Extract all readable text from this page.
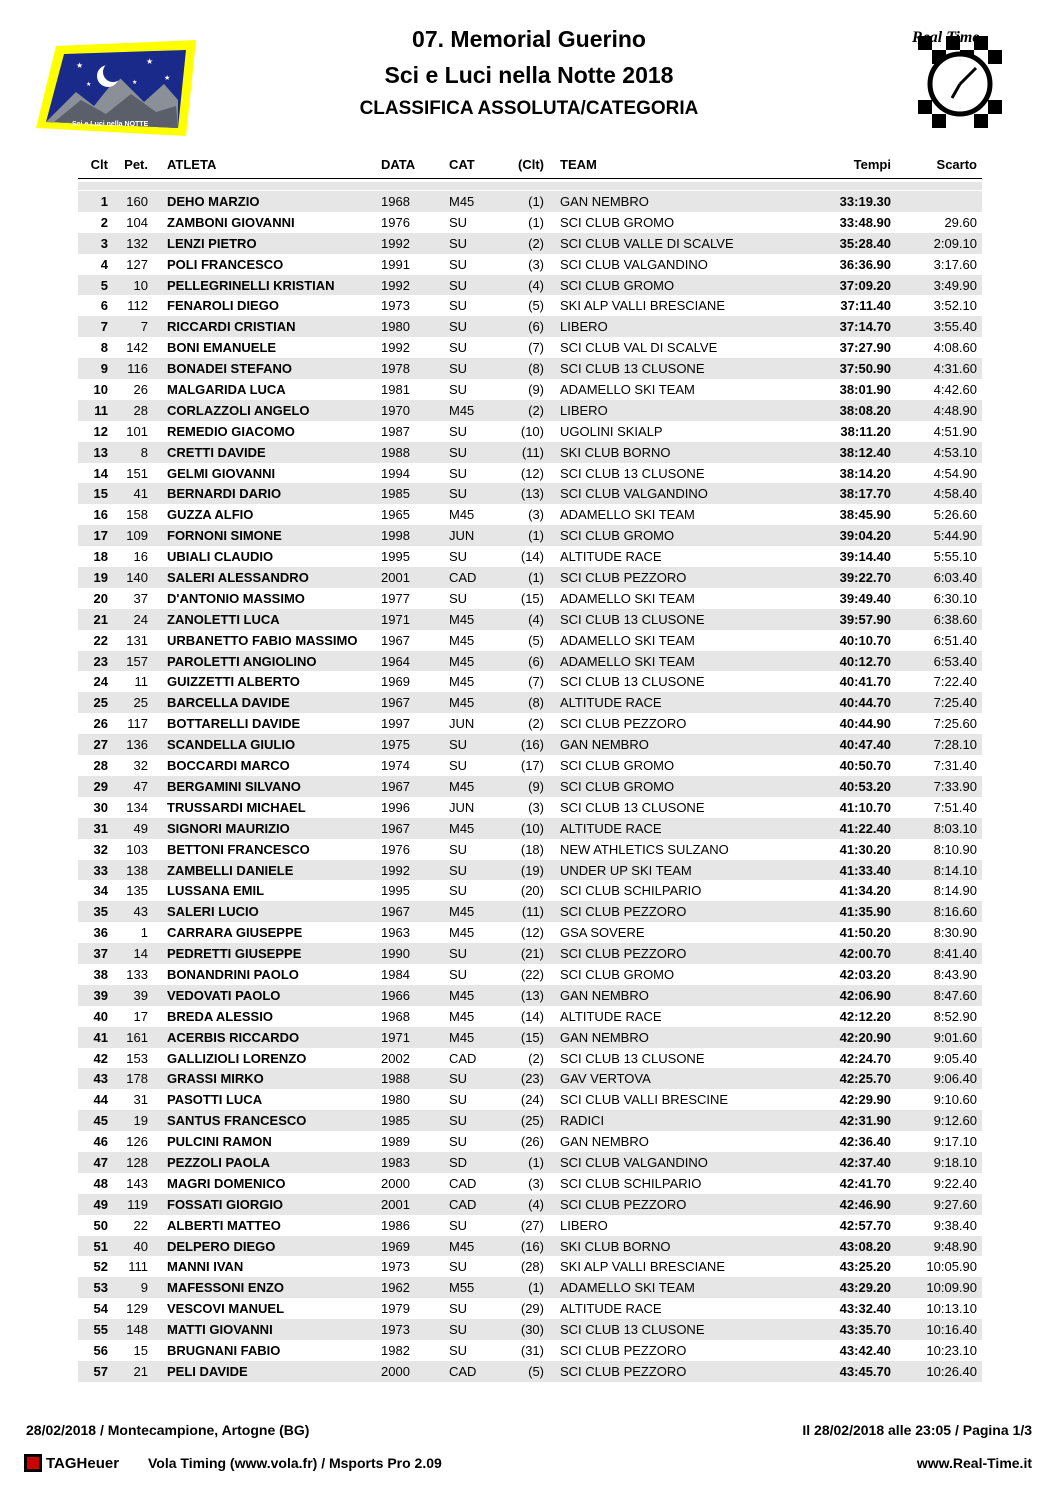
07. Memorial Guerino
Sci e Luci nella Notte 2018
CLASSIFICA ASSOLUTA/CATEGORIA
★	★
★
★
★
Sci e Luci nella NOTTE
Real Time
Clt	Pet. ATLETA	DATA	CAT	(Clt) TEAM	Tempi	Scarto
1	160 DEHO MARZIO	1968	M45	(1) GAN NEMBRO	33:19.30
2	104 ZAMBONI GIOVANNI	1976	SU	(1) SCI CLUB GROMO	33:48.90	29.60
3	132 LENZI PIETRO	1992	SU	(2) SCI CLUB VALLE DI SCALVE	35:28.40	2:09.10
4	127 POLI FRANCESCO	1991	SU	(3) SCI CLUB VALGANDINO	36:36.90	3:17.60
5	10 PELLEGRINELLI KRISTIAN	1992	SU	(4) SCI CLUB GROMO	37:09.20	3:49.90
6	112 FENAROLI DIEGO	1973	SU	(5) SKI ALP VALLI BRESCIANE	37:11.40	3:52.10
7	7 RICCARDI CRISTIAN	1980	SU	(6) LIBERO	37:14.70	3:55.40
8	142 BONI EMANUELE	1992	SU	(7) SCI CLUB VAL DI SCALVE	37:27.90	4:08.60
9	116 BONADEI STEFANO	1978	SU	(8) SCI CLUB 13 CLUSONE	37:50.90	4:31.60
10	26 MALGARIDA LUCA	1981	SU	(9) ADAMELLO SKI TEAM	38:01.90	4:42.60
11	28 CORLAZZOLI ANGELO	1970	M45	(2) LIBERO	38:08.20	4:48.90
12	101 REMEDIO GIACOMO	1987	SU	(10) UGOLINI SKIALP	38:11.20	4:51.90
13	8 CRETTI DAVIDE	1988	SU	(11) SKI CLUB BORNO	38:12.40	4:53.10
14	151 GELMI GIOVANNI	1994	SU	(12) SCI CLUB 13 CLUSONE	38:14.20	4:54.90
15	41 BERNARDI DARIO	1985	SU	(13) SCI CLUB VALGANDINO	38:17.70	4:58.40
16	158 GUZZA ALFIO	1965	M45	(3) ADAMELLO SKI TEAM	38:45.90	5:26.60
17	109 FORNONI SIMONE	1998	JUN	(1) SCI CLUB GROMO	39:04.20	5:44.90
18	16 UBIALI CLAUDIO	1995	SU	(14) ALTITUDE RACE	39:14.40	5:55.10
19	140 SALERI ALESSANDRO	2001	CAD	(1) SCI CLUB PEZZORO	39:22.70	6:03.40
20	37 D'ANTONIO MASSIMO	1977	SU	(15) ADAMELLO SKI TEAM	39:49.40	6:30.10
21	24 ZANOLETTI LUCA	1971	M45	(4) SCI CLUB 13 CLUSONE	39:57.90	6:38.60
22	131 URBANETTO FABIO MASSIMO 1967	M45	(5) ADAMELLO SKI TEAM	40:10.70	6:51.40
23	157 PAROLETTI ANGIOLINO	1964	M45	(6) ADAMELLO SKI TEAM	40:12.70	6:53.40
24	11 GUIZZETTI ALBERTO	1969	M45	(7) SCI CLUB 13 CLUSONE	40:41.70	7:22.40
25	25 BARCELLA DAVIDE	1967	M45	(8) ALTITUDE RACE	40:44.70	7:25.40
26	117 BOTTARELLI DAVIDE	1997	JUN	(2) SCI CLUB PEZZORO	40:44.90	7:25.60
27	136 SCANDELLA GIULIO	1975	SU	(16) GAN NEMBRO	40:47.40	7:28.10
28	32 BOCCARDI MARCO	1974	SU	(17) SCI CLUB GROMO	40:50.70	7:31.40
29	47 BERGAMINI SILVANO	1967	M45	(9) SCI CLUB GROMO	40:53.20	7:33.90
30	134 TRUSSARDI MICHAEL	1996	JUN	(3) SCI CLUB 13 CLUSONE	41:10.70	7:51.40
31	49 SIGNORI MAURIZIO	1967	M45	(10) ALTITUDE RACE	41:22.40	8:03.10
32	103 BETTONI FRANCESCO	1976	SU	(18) NEW ATHLETICS SULZANO	41:30.20	8:10.90
33	138 ZAMBELLI DANIELE	1992	SU	(19) UNDER UP SKI TEAM	41:33.40	8:14.10
34	135 LUSSANA EMIL	1995	SU	(20) SCI CLUB SCHILPARIO	41:34.20	8:14.90
35	43 SALERI LUCIO	1967	M45	(11) SCI CLUB PEZZORO	41:35.90	8:16.60
36	1 CARRARA GIUSEPPE	1963	M45	(12) GSA SOVERE	41:50.20	8:30.90
37	14 PEDRETTI GIUSEPPE	1990	SU	(21) SCI CLUB PEZZORO	42:00.70	8:41.40
38	133 BONANDRINI PAOLO	1984	SU	(22) SCI CLUB GROMO	42:03.20	8:43.90
39	39 VEDOVATI PAOLO	1966	M45	(13) GAN NEMBRO	42:06.90	8:47.60
40	17 BREDA ALESSIO	1968	M45	(14) ALTITUDE RACE	42:12.20	8:52.90
41	161 ACERBIS RICCARDO	1971	M45	(15) GAN NEMBRO	42:20.90	9:01.60
42	153 GALLIZIOLI LORENZO	2002	CAD	(2) SCI CLUB 13 CLUSONE	42:24.70	9:05.40
43	178 GRASSI MIRKO	1988	SU	(23) GAV VERTOVA	42:25.70	9:06.40
44	31 PASOTTI LUCA	1980	SU	(24) SCI CLUB VALLI BRESCINE	42:29.90	9:10.60
45	19 SANTUS FRANCESCO	1985	SU	(25) RADICI	42:31.90	9:12.60
46	126 PULCINI RAMON	1989	SU	(26) GAN NEMBRO	42:36.40	9:17.10
47	128 PEZZOLI PAOLA	1983	SD	(1) SCI CLUB VALGANDINO	42:37.40	9:18.10
48	143 MAGRI DOMENICO	2000	CAD	(3) SCI CLUB SCHILPARIO	42:41.70	9:22.40
49	119 FOSSATI GIORGIO	2001	CAD	(4) SCI CLUB PEZZORO	42:46.90	9:27.60
50	22 ALBERTI MATTEO	1986	SU	(27) LIBERO	42:57.70	9:38.40
51	40 DELPERO DIEGO	1969	M45	(16) SKI CLUB BORNO	43:08.20	9:48.90
52	111 MANNI IVAN	1973	SU	(28) SKI ALP VALLI BRESCIANE	43:25.20	10:05.90
53	9 MAFESSONI ENZO	1962	M55	(1) ADAMELLO SKI TEAM	43:29.20	10:09.90
54	129 VESCOVI MANUEL	1979	SU	(29) ALTITUDE RACE	43:32.40	10:13.10
55	148 MATTI GIOVANNI	1973	SU	(30) SCI CLUB 13 CLUSONE	43:35.70	10:16.40
56	15 BRUGNANI FABIO	1982	SU	(31) SCI CLUB PEZZORO	43:42.40	10:23.10
57	21 PELI DAVIDE	2000	CAD	(5) SCI CLUB PEZZORO	43:45.70	10:26.40
28/02/2018 / Montecampione, Artogne (BG)	Il 28/02/2018 alle 23:05 / Pagina 1/3
TAGHeuer Vola Timing (www.vola.fr) / Msports Pro 2.09	www.Real-Time.it
